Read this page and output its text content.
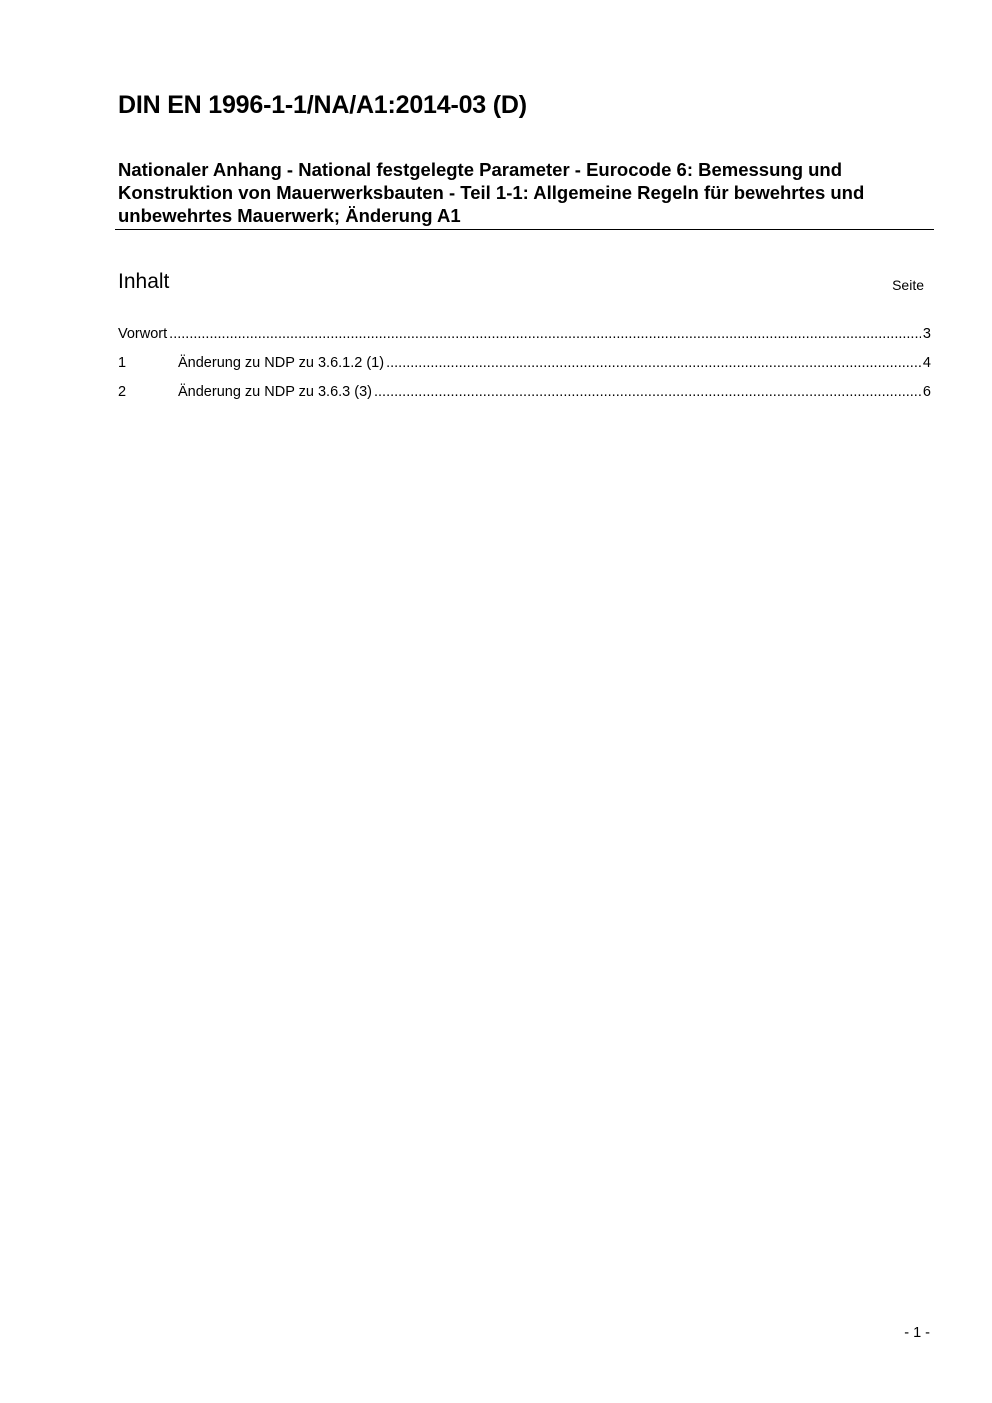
DIN EN 1996-1-1/NA/A1:2014-03 (D)

Nationaler Anhang - National festgelegte Parameter - Eurocode 6: Bemessung und Konstruktion von Mauerwerksbauten - Teil 1-1: Allgemeine Regeln für bewehrtes und unbewehrtes Mauerwerk; Änderung A1

Inhalt	Seite
Vorwort .....	3
1	Änderung zu NDP zu 3.6.1.2 (1) .....	4
2	Änderung zu NDP zu 3.6.3 (3) .....	6
- 1 -
